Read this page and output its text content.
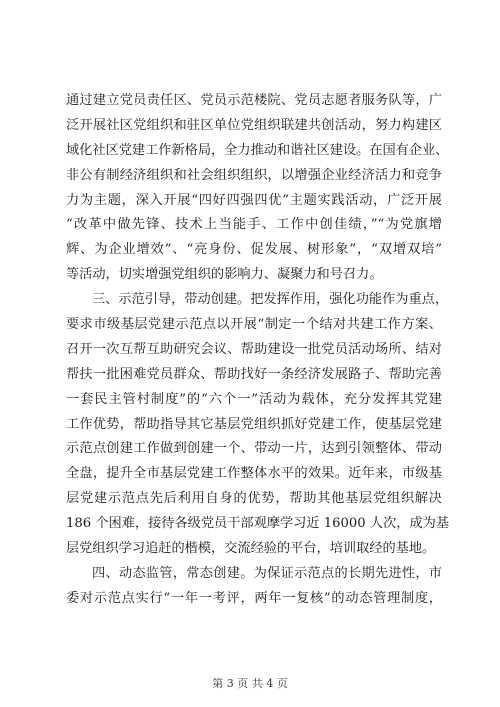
通过建立党员责任区、党员示范楼院、党员志愿者服务队等，广
泛开展社区党组织和驻区单位党组织联建共创活动，努力构建区
域化社区党建工作新格局，全力推动和谐社区建设。在国有企业、
非公有制经济组织和社会组织组织，以增强企业经济活力和竞争
力为主题，深入开展“四好四强四优”主题实践活动，广泛开展
“改革中做先锋、技术上当能手、工作中创佳绩，”“为党旗增
辉、为企业增效”、“亮身份、促发展、树形象”，“双增双培”
等活动，切实增强党组织的影响力、凝聚力和号召力。
三、示范引导，带动创建。把发挥作用，强化功能作为重点，
要求市级基层党建示范点以开展“制定一个结对共建工作方案、
召开一次互帮互助研究会议、帮助建设一批党员活动场所、结对
帮扶一批困难党员群众、帮助找好一条经济发展路子、帮助完善
一套民主管村制度”的“六个一”活动为载体，充分发挥其党建
工作优势，帮助指导其它基层党组织抓好党建工作，使基层党建
示范点创建工作做到创建一个、带动一片，达到引领整体、带动
全盘，提升全市基层党建工作整体水平的效果。近年来，市级基
层党建示范点先后利用自身的优势，帮助其他基层党组织解决
186 个困难，接待各级党员干部观摩学习近 16000 人次，成为基
层党组织学习追赶的楷模，交流经验的平台，培训取经的基地。
四、动态监管，常态创建。为保证示范点的长期先进性，市
委对示范点实行“一年一考评，两年一复核”的动态管理制度，
第 3 页 共 4 页
